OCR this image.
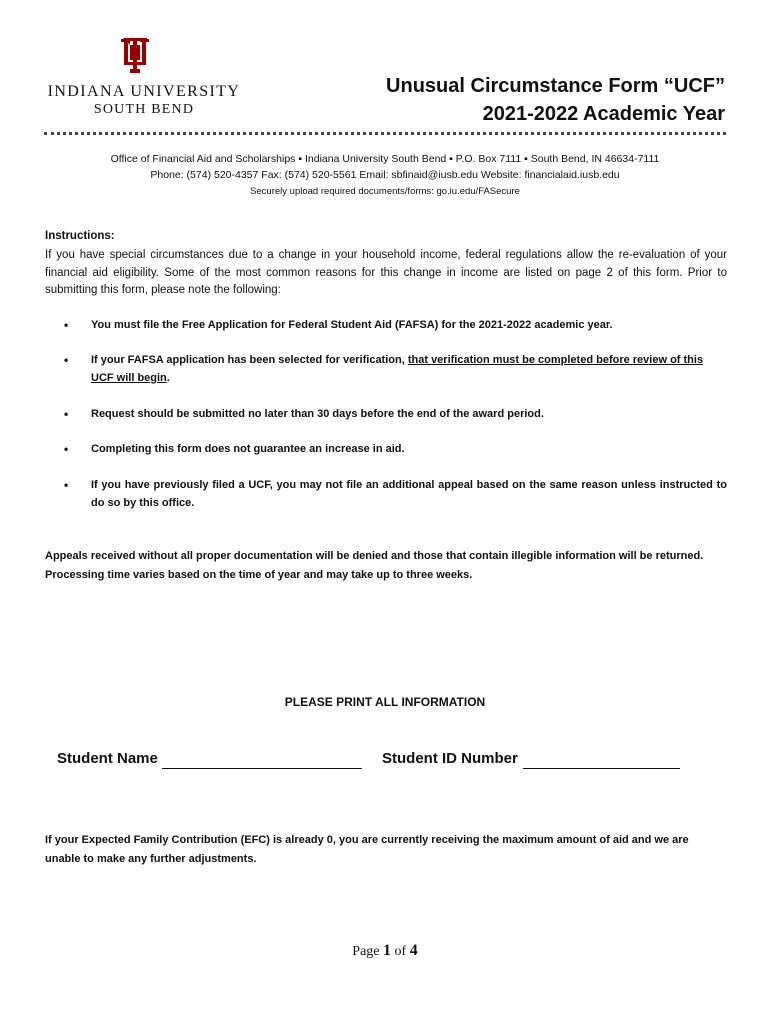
INDIANA UNIVERSITY
SOUTH BEND
Unusual Circumstance Form “UCF”
2021-2022 Academic Year
Office of Financial Aid and Scholarships ▪ Indiana University South Bend ▪ P.O. Box 7111 ▪ South Bend, IN 46634-7111
Phone: (574) 520-4357 Fax: (574) 520-5561 Email: sbfinaid@iusb.edu Website: financialaid.iusb.edu
Securely upload required documents/forms: go.iu.edu/FASecure
Instructions:
If you have special circumstances due to a change in your household income, federal regulations allow the re-evaluation of your financial aid eligibility. Some of the most common reasons for this change in income are listed on page 2 of this form. Prior to submitting this form, please note the following:
• You must file the Free Application for Federal Student Aid (FAFSA) for the 2021-2022 academic year.
• If your FAFSA application has been selected for verification, that verification must be completed before review of this UCF will begin.
• Request should be submitted no later than 30 days before the end of the award period.
• Completing this form does not guarantee an increase in aid.
• If you have previously filed a UCF, you may not file an additional appeal based on the same reason unless instructed to do so by this office.
Appeals received without all proper documentation will be denied and those that contain illegible information will be returned. Processing time varies based on the time of year and may take up to three weeks.
PLEASE PRINT ALL INFORMATION
Student Name	Student ID Number
If your Expected Family Contribution (EFC) is already 0, you are currently receiving the maximum amount of aid and we are unable to make any further adjustments.
Page 1 of 4
